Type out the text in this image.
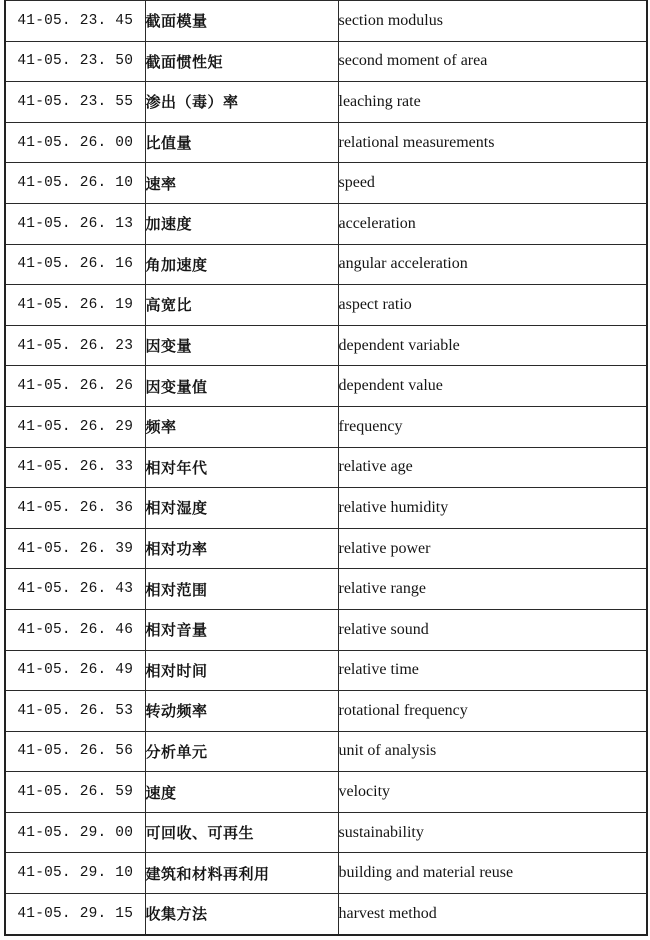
41-05. 23. 45	截面模量	section modulus
41-05. 23. 50	截面惯性矩	second moment of area
41-05. 23. 55	渗出（毒）率	leaching rate
41-05. 26. 00	比值量	relational measurements
41-05. 26. 10	速率	speed
41-05. 26. 13	加速度	acceleration
41-05. 26. 16	角加速度	angular acceleration
41-05. 26. 19	高宽比	aspect ratio
41-05. 26. 23	因变量	dependent variable
41-05. 26. 26	因变量值	dependent value
41-05. 26. 29	频率	frequency
41-05. 26. 33	相对年代	relative age
41-05. 26. 36	相对湿度	relative humidity
41-05. 26. 39	相对功率	relative power
41-05. 26. 43	相对范围	relative range
41-05. 26. 46	相对音量	relative sound
41-05. 26. 49	相对时间	relative time
41-05. 26. 53	转动频率	rotational frequency
41-05. 26. 56	分析单元	unit of analysis
41-05. 26. 59	速度	velocity
41-05. 29. 00	可回收、可再生	sustainability
41-05. 29. 10	建筑和材料再利用	building and material reuse
41-05. 29. 15	收集方法	harvest method
